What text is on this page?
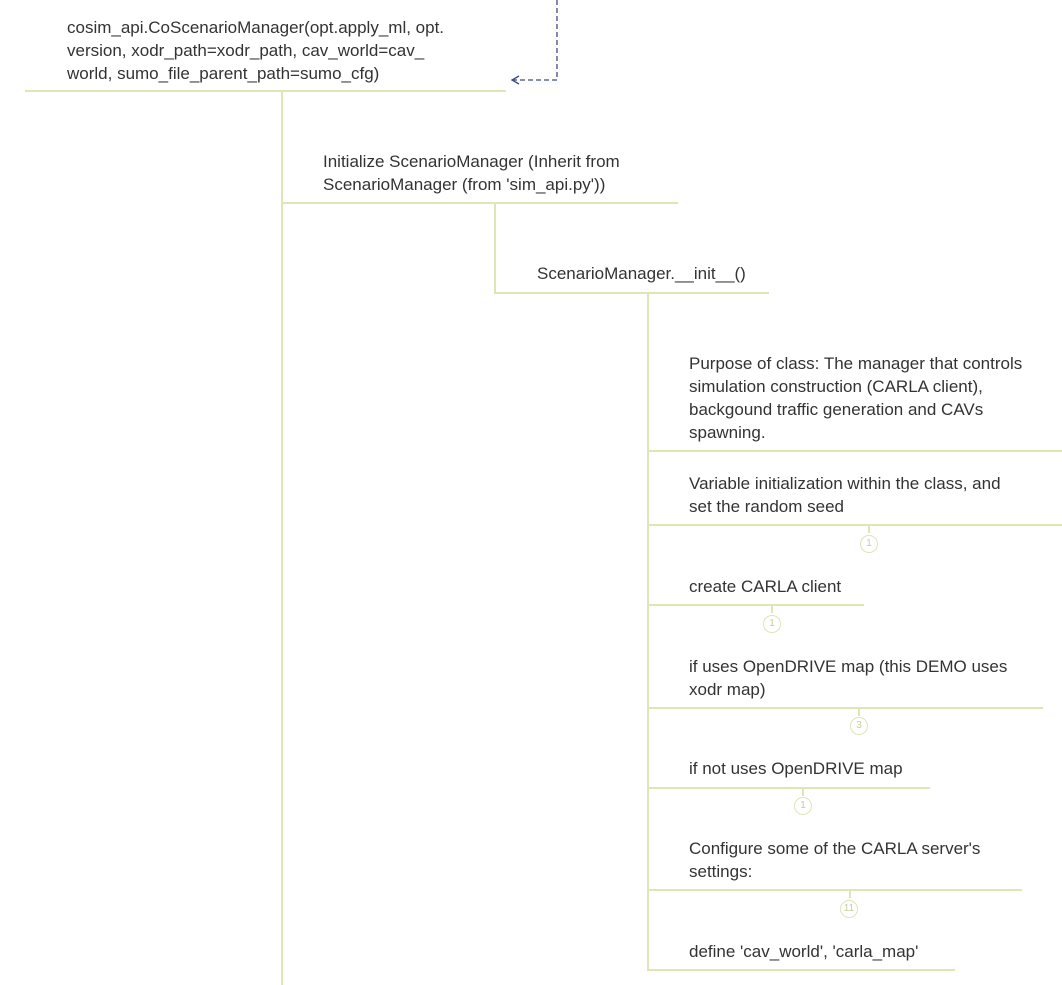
cosim_api.CoScenarioManager(opt.apply_ml, opt.
version, xodr_path=xodr_path, cav_world=cav_
world, sumo_file_parent_path=sumo_cfg)
Initialize ScenarioManager (Inherit from
ScenarioManager (from 'sim_api.py'))
ScenarioManager.__init__()
Purpose of class: The manager that controls
simulation construction (CARLA client),
backgound traffic generation and CAVs
spawning.
Variable initialization within the class, and
set the random seed
1
create CARLA client
1
if uses OpenDRIVE map (this DEMO uses
xodr map)
3
if not uses OpenDRIVE map
1
Configure some of the CARLA server's
settings:
11
define 'cav_world', 'carla_map'
